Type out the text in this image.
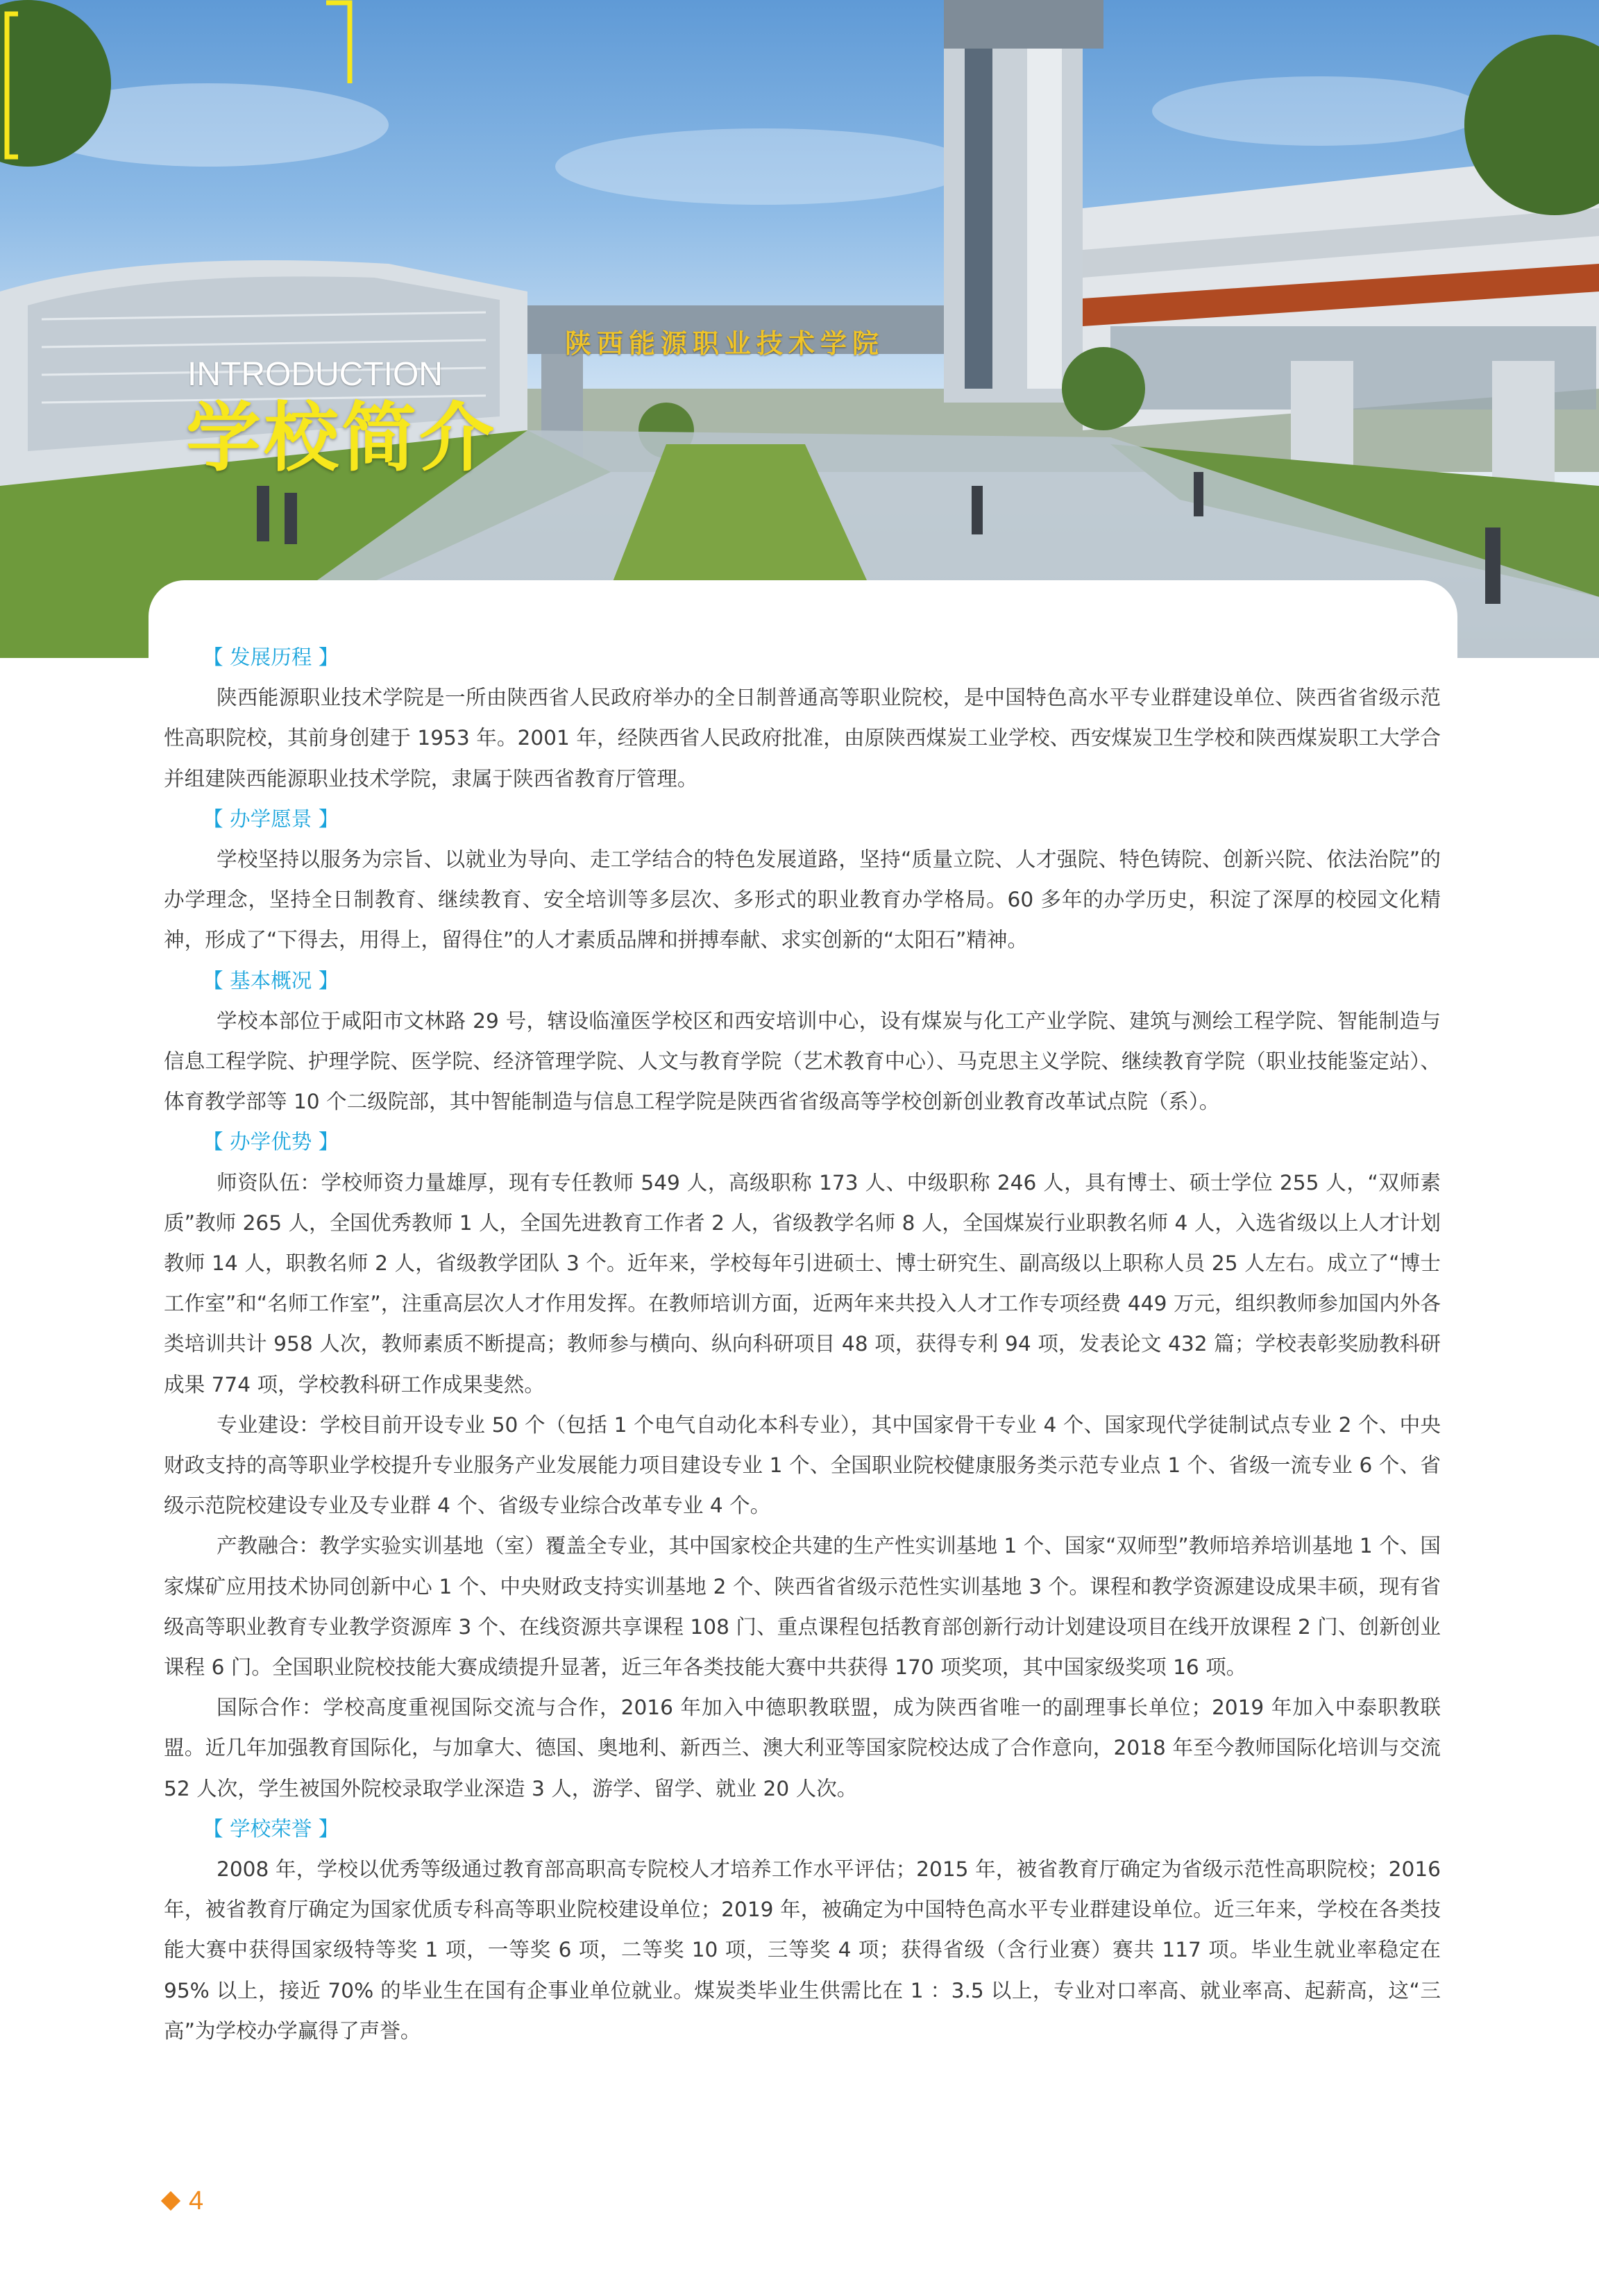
INTRODUCTION
学校简介
陕西能源职业技术学院
【 发展历程 】

陕西能源职业技术学院是一所由陕西省人民政府举办的全日制普通高等职业院校，是中国特色高水平专业群建设单位、陕西省省级示范性高职院校，其前身创建于 1953 年。2001 年，经陕西省人民政府批准，由原陕西煤炭工业学校、西安煤炭卫生学校和陕西煤炭职工大学合并组建陕西能源职业技术学院，隶属于陕西省教育厅管理。

【 办学愿景 】

学校坚持以服务为宗旨、以就业为导向、走工学结合的特色发展道路，坚持“质量立院、人才强院、特色铸院、创新兴院、依法治院”的办学理念，坚持全日制教育、继续教育、安全培训等多层次、多形式的职业教育办学格局。60 多年的办学历史，积淀了深厚的校园文化精神，形成了“下得去，用得上，留得住”的人才素质品牌和拼搏奉献、求实创新的“太阳石”精神。

【 基本概况 】

学校本部位于咸阳市文林路 29 号，辖设临潼医学校区和西安培训中心，设有煤炭与化工产业学院、建筑与测绘工程学院、智能制造与信息工程学院、护理学院、医学院、经济管理学院、人文与教育学院（艺术教育中心）、马克思主义学院、继续教育学院（职业技能鉴定站）、体育教学部等 10 个二级院部，其中智能制造与信息工程学院是陕西省省级高等学校创新创业教育改革试点院（系）。

【 办学优势 】

师资队伍：学校师资力量雄厚，现有专任教师 549 人，高级职称 173 人、中级职称 246 人，具有博士、硕士学位 255 人，“双师素质”教师 265 人，全国优秀教师 1 人，全国先进教育工作者 2 人，省级教学名师 8 人，全国煤炭行业职教名师 4 人，入选省级以上人才计划教师 14 人，职教名师 2 人，省级教学团队 3 个。近年来，学校每年引进硕士、博士研究生、副高级以上职称人员 25 人左右。成立了“博士工作室”和“名师工作室”，注重高层次人才作用发挥。在教师培训方面，近两年来共投入人才工作专项经费 449 万元，组织教师参加国内外各类培训共计 958 人次，教师素质不断提高；教师参与横向、纵向科研项目 48 项，获得专利 94 项，发表论文 432 篇；学校表彰奖励教科研成果 774 项，学校教科研工作成果斐然。

专业建设：学校目前开设专业 50 个（包括 1 个电气自动化本科专业），其中国家骨干专业 4 个、国家现代学徒制试点专业 2 个、中央财政支持的高等职业学校提升专业服务产业发展能力项目建设专业 1 个、全国职业院校健康服务类示范专业点 1 个、省级一流专业 6 个、省级示范院校建设专业及专业群 4 个、省级专业综合改革专业 4 个。

产教融合：教学实验实训基地（室）覆盖全专业，其中国家校企共建的生产性实训基地 1 个、国家“双师型”教师培养培训基地 1 个、国家煤矿应用技术协同创新中心 1 个、中央财政支持实训基地 2 个、陕西省省级示范性实训基地 3 个。课程和教学资源建设成果丰硕，现有省级高等职业教育专业教学资源库 3 个、在线资源共享课程 108 门、重点课程包括教育部创新行动计划建设项目在线开放课程 2 门、创新创业课程 6 门。全国职业院校技能大赛成绩提升显著，近三年各类技能大赛中共获得 170 项奖项，其中国家级奖项 16 项。

国际合作：学校高度重视国际交流与合作，2016 年加入中德职教联盟，成为陕西省唯一的副理事长单位；2019 年加入中泰职教联盟。近几年加强教育国际化，与加拿大、德国、奥地利、新西兰、澳大利亚等国家院校达成了合作意向，2018 年至今教师国际化培训与交流 52 人次，学生被国外院校录取学业深造 3 人，游学、留学、就业 20 人次。

【 学校荣誉 】

2008 年，学校以优秀等级通过教育部高职高专院校人才培养工作水平评估；2015 年，被省教育厅确定为省级示范性高职院校；2016 年，被省教育厅确定为国家优质专科高等职业院校建设单位；2019 年，被确定为中国特色高水平专业群建设单位。近三年来，学校在各类技能大赛中获得国家级特等奖 1 项，一等奖 6 项，二等奖 10 项，三等奖 4 项；获得省级（含行业赛）赛共 117 项。毕业生就业率稳定在 95% 以上，接近 70% 的毕业生在国有企事业单位就业。煤炭类毕业生供需比在 1 ：3.5 以上，专业对口率高、就业率高、起薪高，这“三高”为学校办学赢得了声誉。

4
